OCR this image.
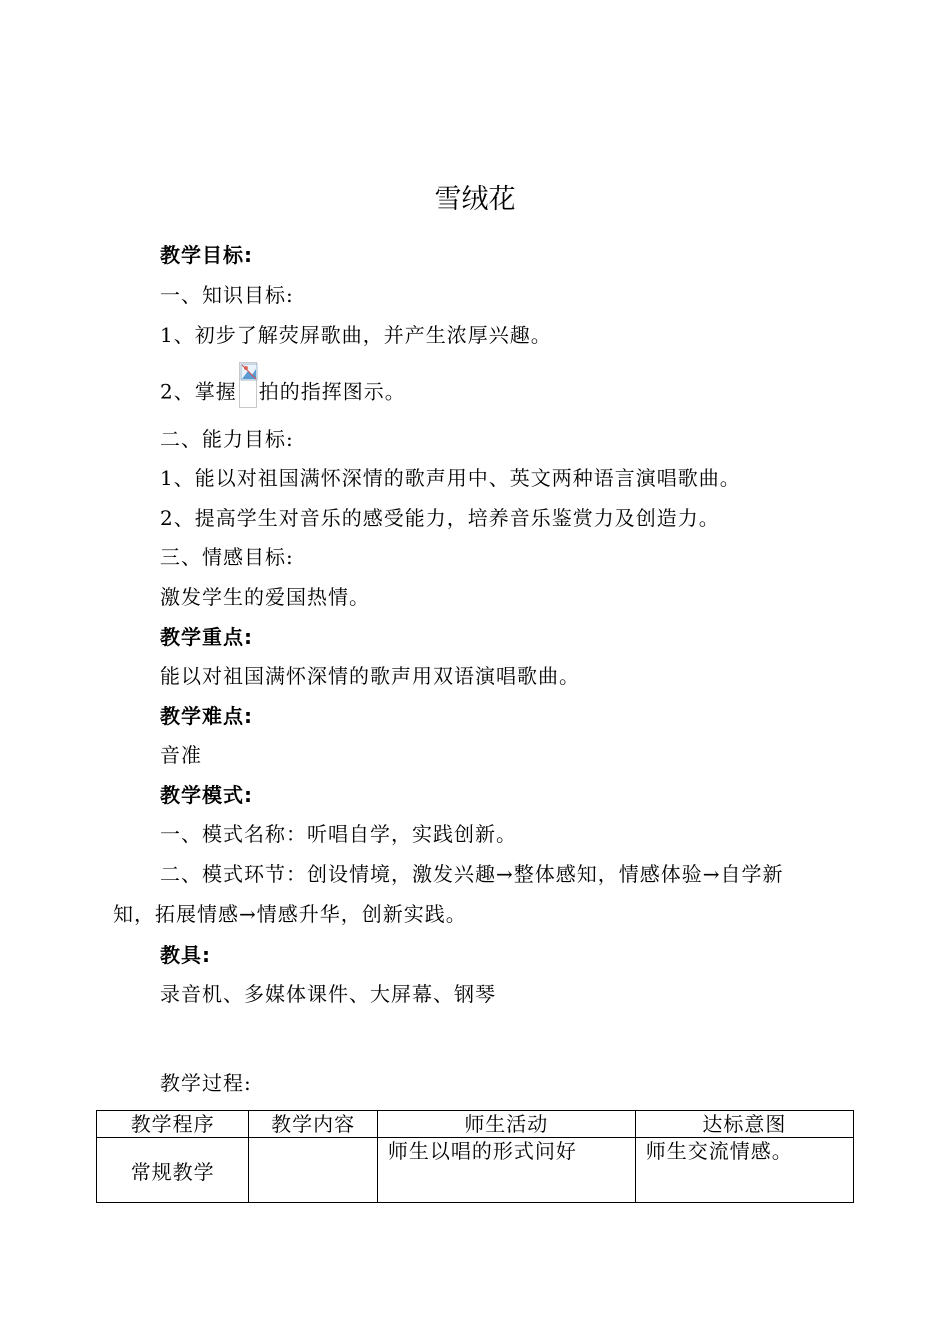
雪绒花
教学目标:
一、知识目标:
1、初步了解荧屏歌曲，并产生浓厚兴趣。
2、掌握 拍的指挥图示。
二、能力目标:
1、能以对祖国满怀深情的歌声用中、英文两种语言演唱歌曲。
2、提高学生对音乐的感受能力，培养音乐鉴赏力及创造力。
三、情感目标:
激发学生的爱国热情。
教学重点:
能以对祖国满怀深情的歌声用双语演唱歌曲。
教学难点:
音准
教学模式:
一、模式名称：听唱自学，实践创新。
二、模式环节：创设情境，激发兴趣→整体感知，情感体验→自学新
知，拓展情感→情感升华，创新实践。
教具:
录音机、多媒体课件、大屏幕、钢琴
教学过程:
教学程序	教学内容	师生活动	达标意图
常规教学		师生以唱的形式问好	师生交流情感。
